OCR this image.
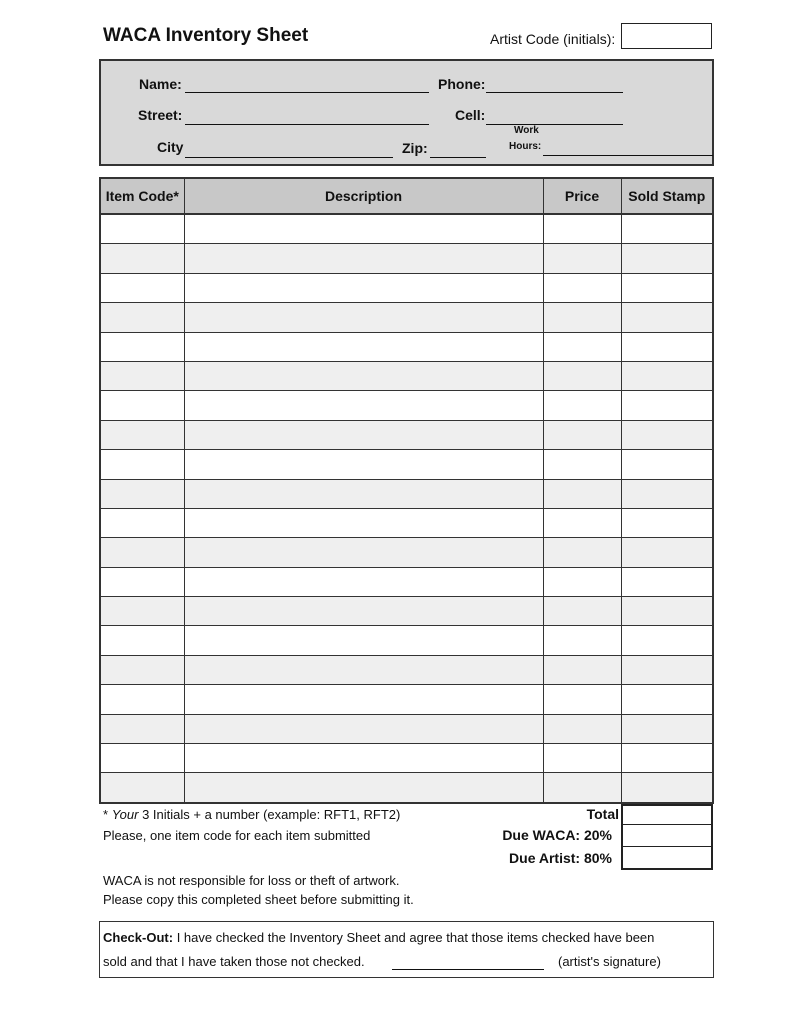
WACA Inventory Sheet	Artist Code (initials):
Name:	Phone:
Street:	Cell:
City	Zip:
Work
Hours:
Item Code*	Description	Price	Sold Stamp

* Your 3 Initials + a number (example: RFT1, RFT2)
Please, one item code for each item submitted
WACA is not responsible for loss or theft of artwork.
Please copy this completed sheet before submitting it.
Total
Due WACA: 20%
Due Artist: 80%
Check-Out: I have checked the Inventory Sheet and agree that those items checked have been
sold and that I have taken those not checked.	(artist's signature)
